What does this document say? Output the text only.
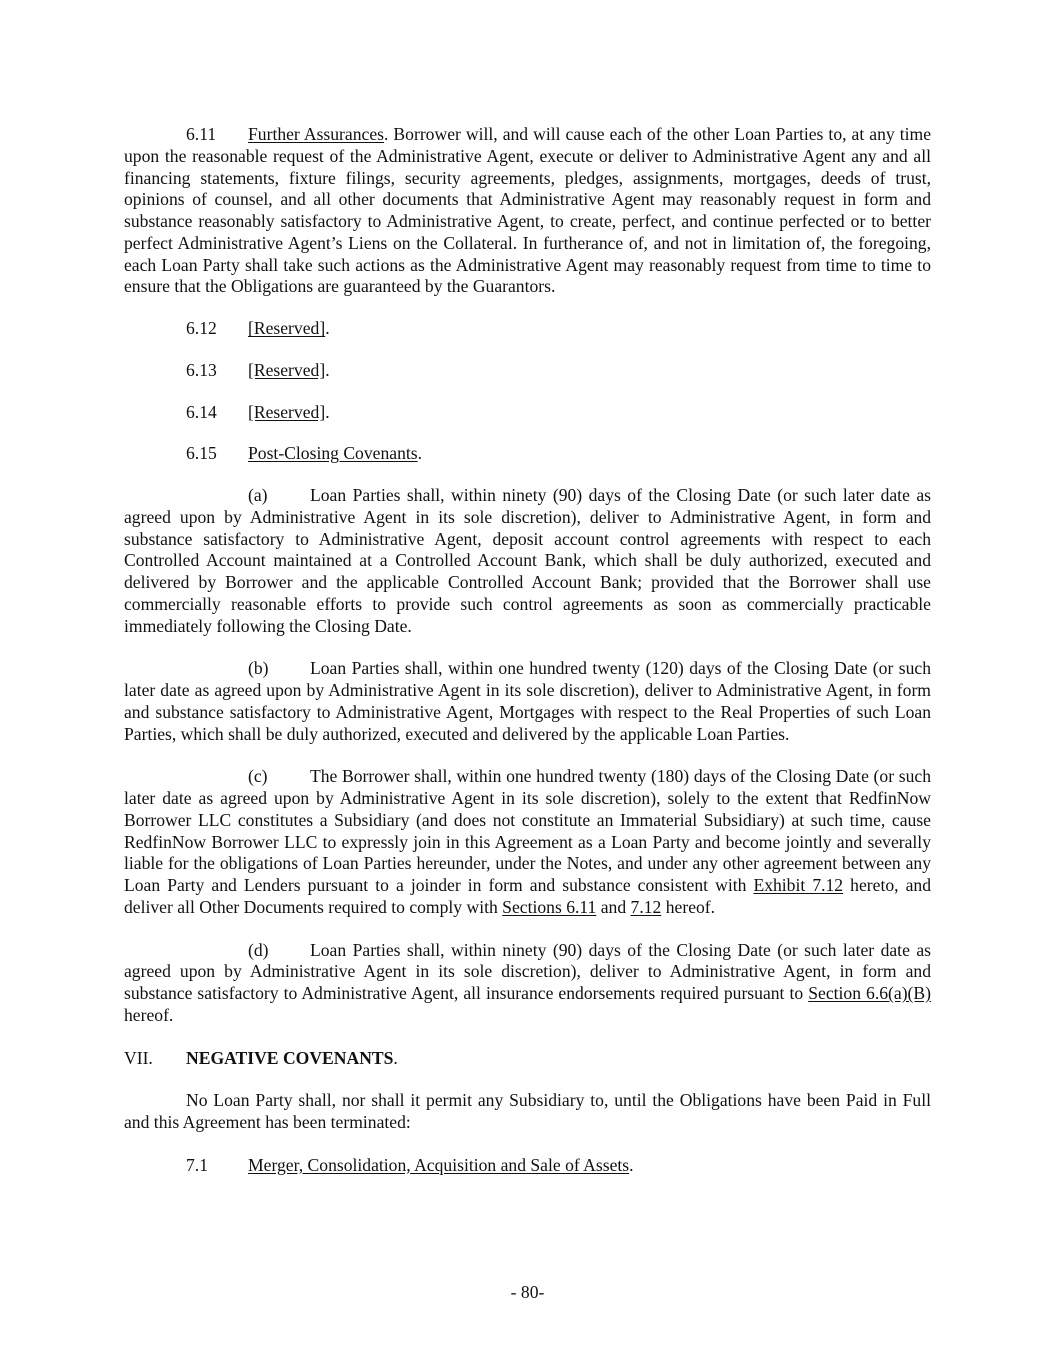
6.11 Further Assurances. Borrower will, and will cause each of the other Loan Parties to, at any time upon the reasonable request of the Administrative Agent, execute or deliver to Administrative Agent any and all financing statements, fixture filings, security agreements, pledges, assignments, mortgages, deeds of trust, opinions of counsel, and all other documents that Administrative Agent may reasonably request in form and substance reasonably satisfactory to Administrative Agent, to create, perfect, and continue perfected or to better perfect Administrative Agent’s Liens on the Collateral. In furtherance of, and not in limitation of, the foregoing, each Loan Party shall take such actions as the Administrative Agent may reasonably request from time to time to ensure that the Obligations are guaranteed by the Guarantors.

6.12 [Reserved].

6.13 [Reserved].

6.14 [Reserved].

6.15 Post-Closing Covenants.

(a) Loan Parties shall, within ninety (90) days of the Closing Date (or such later date as agreed upon by Administrative Agent in its sole discretion), deliver to Administrative Agent, in form and substance satisfactory to Administrative Agent, deposit account control agreements with respect to each Controlled Account maintained at a Controlled Account Bank, which shall be duly authorized, executed and delivered by Borrower and the applicable Controlled Account Bank; provided that the Borrower shall use commercially reasonable efforts to provide such control agreements as soon as commercially practicable immediately following the Closing Date.

(b) Loan Parties shall, within one hundred twenty (120) days of the Closing Date (or such later date as agreed upon by Administrative Agent in its sole discretion), deliver to Administrative Agent, in form and substance satisfactory to Administrative Agent, Mortgages with respect to the Real Properties of such Loan Parties, which shall be duly authorized, executed and delivered by the applicable Loan Parties.

(c) The Borrower shall, within one hundred twenty (180) days of the Closing Date (or such later date as agreed upon by Administrative Agent in its sole discretion), solely to the extent that RedfinNow Borrower LLC constitutes a Subsidiary (and does not constitute an Immaterial Subsidiary) at such time, cause RedfinNow Borrower LLC to expressly join in this Agreement as a Loan Party and become jointly and severally liable for the obligations of Loan Parties hereunder, under the Notes, and under any other agreement between any Loan Party and Lenders pursuant to a joinder in form and substance consistent with Exhibit 7.12 hereto, and deliver all Other Documents required to comply with Sections 6.11 and 7.12 hereof.

(d) Loan Parties shall, within ninety (90) days of the Closing Date (or such later date as agreed upon by Administrative Agent in its sole discretion), deliver to Administrative Agent, in form and substance satisfactory to Administrative Agent, all insurance endorsements required pursuant to Section 6.6(a)(B) hereof.

VII. NEGATIVE COVENANTS.

No Loan Party shall, nor shall it permit any Subsidiary to, until the Obligations have been Paid in Full and this Agreement has been terminated:

7.1 Merger, Consolidation, Acquisition and Sale of Assets.

- 80-
